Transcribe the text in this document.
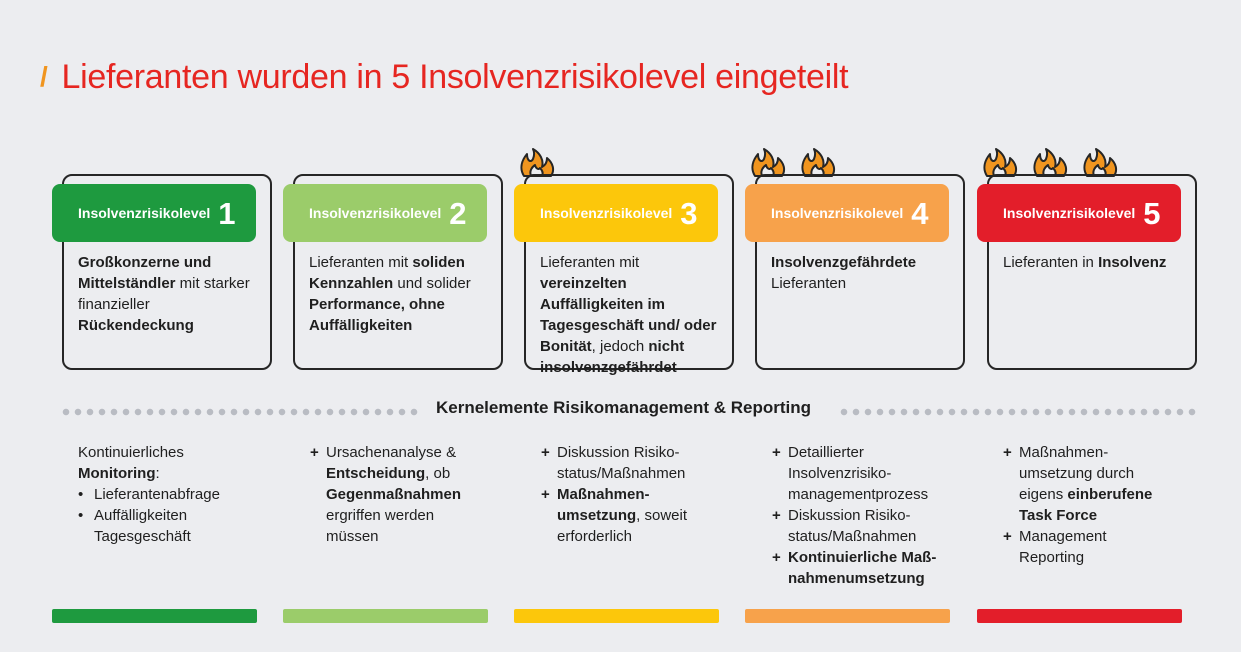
/ Lieferanten wurden in 5 Insolvenzrisikolevel eingeteilt
Insolvenzrisikolevel 1
Großkonzerne und Mittelständler mit starker finanzieller Rückendeckung
Insolvenzrisikolevel 2
Lieferanten mit soliden Kennzahlen und solider Performance, ohne Auffälligkeiten
Insolvenzrisikolevel 3
Lieferanten mit vereinzelten Auffälligkeiten im Tagesgeschäft und/ oder Bonität, jedoch nicht insolvenzgefährdet
Insolvenzrisikolevel 4
Insolvenzgefährdete Lieferanten
Insolvenzrisikolevel 5
Lieferanten in Insolvenz
Kernelemente Risikomanagement & Reporting
Kontinuierliches Monitoring:
• Lieferantenabfrage
• Auffälligkeiten Tagesgeschäft
+ Ursachenanalyse & Entscheidung, ob Gegenmaßnahmen ergriffen werden müssen
+ Diskussion Risiko-status/Maßnahmen
+ Maßnahmen-umsetzung, soweit erforderlich
+ Detaillierter Insolvenzrisiko-managementprozess
+ Diskussion Risiko-status/Maßnahmen
+ Kontinuierliche Maß-nahmenumsetzung
+ Maßnahmen-umsetzung durch eigens einberufene Task Force
+ Management Reporting
